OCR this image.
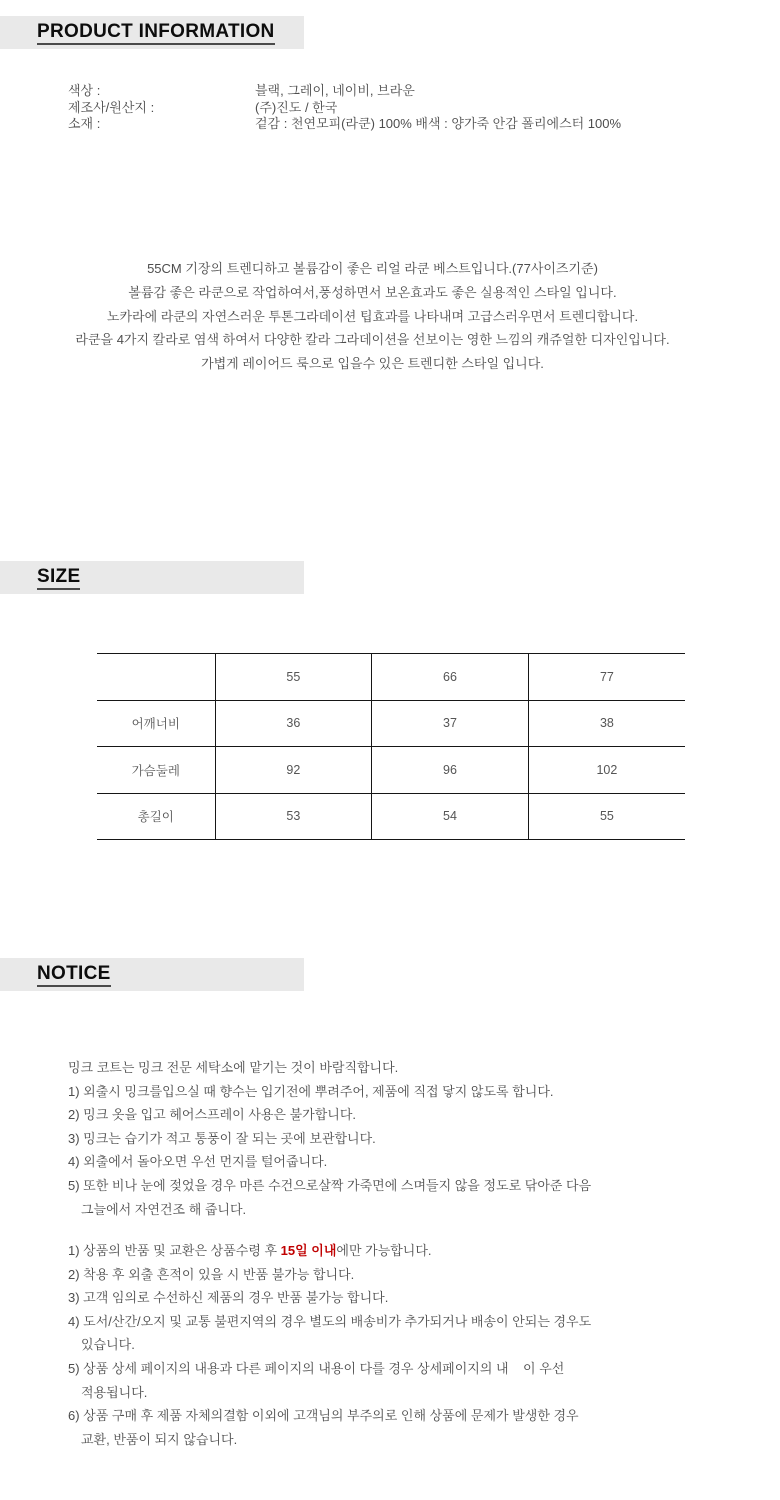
PRODUCT INFORMATION
색상 :	블랙, 그레이, 네이비, 브라운
제조사/원산지 :	(주)진도 / 한국
소재 :	겉감 : 천연모피(라쿤) 100% 배색 : 양가죽 안감 폴리에스터 100%
55CM 기장의 트렌디하고 볼륨감이 좋은 리얼 라쿤 베스트입니다.(77사이즈기준)
볼륨감 좋은 라쿤으로 작업하여서,풍성하면서 보온효과도 좋은 실용적인 스타일 입니다.
노카라에 라쿤의 자연스러운 투톤그라데이션 팁효과를 나타내며 고급스러우면서 트렌디합니다.
라쿤을 4가지 칼라로 염색 하여서 다양한 칼라 그라데이션을 선보이는 영한 느낌의 캐쥬얼한 디자인입니다.
가볍게 레이어드 룩으로 입을수 있은 트렌디한 스타일 입니다.
SIZE
	55	66	77
어깨너비	36	37	38
가슴둘레	92	96	102
총길이	53	54	55
NOTICE
밍크 코트는 밍크 전문 세탁소에 맡기는 것이 바람직합니다.
1) 외출시 밍크를입으실 때 향수는 입기전에 뿌려주어, 제품에 직접 닿지 않도록 합니다.
2) 밍크 옷을 입고 헤어스프레이 사용은 불가합니다.
3) 밍크는 습기가 적고 통풍이 잘 되는 곳에 보관합니다.
4) 외출에서 돌아오면 우선 먼지를 털어줍니다.
5) 또한 비나 눈에 젖었을 경우 마른 수건으로살짝 가죽면에 스며들지 않을 정도로 닦아준 다음
그늘에서 자연건조 해 줍니다.
1) 상품의 반품 및 교환은 상품수령 후 15일 이내에만 가능합니다.
2) 착용 후 외출 흔적이 있을 시 반품 불가능 합니다.
3) 고객 임의로 수선하신 제품의 경우 반품 불가능 합니다.
4) 도서/산간/오지 및 교통 불편지역의 경우 별도의 배송비가 추가되거나 배송이 안되는 경우도
있습니다.
5) 상품 상세 페이지의 내용과 다른 페이지의 내용이 다를 경우 상세페이지의 내    이 우선
적용됩니다.
6) 상품 구매 후 제품 자체의결함 이외에 고객님의 부주의로 인해 상품에 문제가 발생한 경우
교환, 반품이 되지 않습니다.
